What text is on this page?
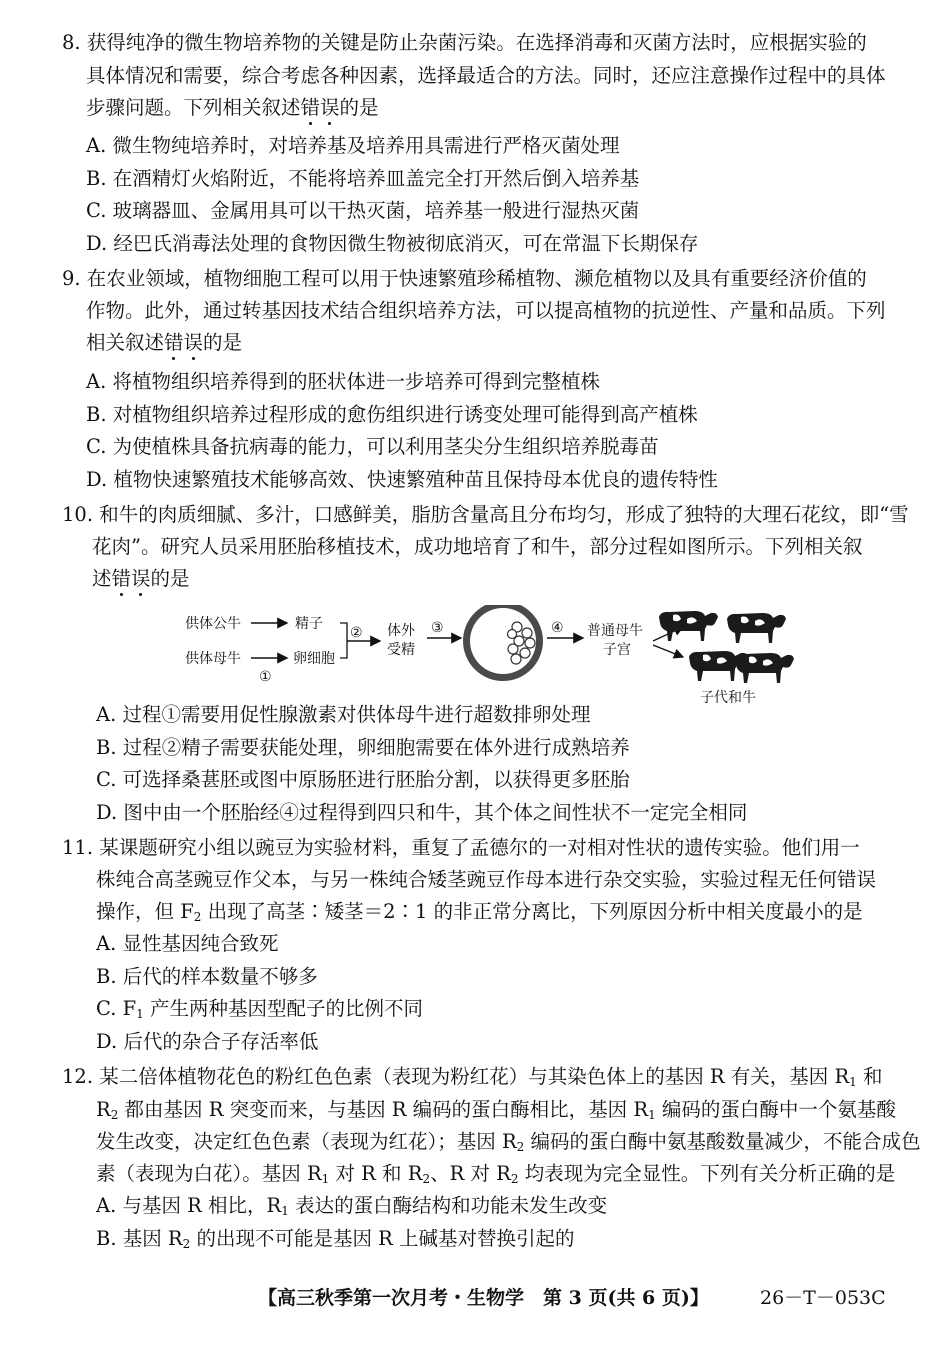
8. 获得纯净的微生物培养物的关键是防止杂菌污染。在选择消毒和灭菌方法时，应根据实验的
具体情况和需要，综合考虑各种因素，选择最适合的方法。同时，还应注意操作过程中的具体
步骤问题。下列相关叙述错误的是
A. 微生物纯培养时，对培养基及培养用具需进行严格灭菌处理
B. 在酒精灯火焰附近，不能将培养皿盖完全打开然后倒入培养基
C. 玻璃器皿、金属用具可以干热灭菌，培养基一般进行湿热灭菌
D. 经巴氏消毒法处理的食物因微生物被彻底消灭，可在常温下长期保存
9. 在农业领域，植物细胞工程可以用于快速繁殖珍稀植物、濒危植物以及具有重要经济价值的
作物。此外，通过转基因技术结合组织培养方法，可以提高植物的抗逆性、产量和品质。下列
相关叙述错误的是
A. 将植物组织培养得到的胚状体进一步培养可得到完整植株
B. 对植物组织培养过程形成的愈伤组织进行诱变处理可能得到高产植株
C. 为使植株具备抗病毒的能力，可以利用茎尖分生组织培养脱毒苗
D. 植物快速繁殖技术能够高效、快速繁殖种苗且保持母本优良的遗传特性
10. 和牛的肉质细腻、多汁，口感鲜美，脂肪含量高且分布均匀，形成了独特的大理石花纹，即“雪
花肉”。研究人员采用胚胎移植技术，成功地培育了和牛，部分过程如图所示。下列相关叙
述错误的是
供体公牛	精子
供体母牛	卵细胞
①
② 体外
受精
③	④ 普通母牛
子宫
子代和牛
A. 过程①需要用促性腺激素对供体母牛进行超数排卵处理
B. 过程②精子需要获能处理，卵细胞需要在体外进行成熟培养
C. 可选择桑葚胚或图中原肠胚进行胚胎分割，以获得更多胚胎
D. 图中由一个胚胎经④过程得到四只和牛，其个体之间性状不一定完全相同
11. 某课题研究小组以豌豆为实验材料，重复了孟德尔的一对相对性状的遗传实验。他们用一
株纯合高茎豌豆作父本，与另一株纯合矮茎豌豆作母本进行杂交实验，实验过程无任何错误
操作，但 $F_2$ 出现了高茎∶矮茎＝2∶1 的非正常分离比，下列原因分析中相关度最小的是
A. 显性基因纯合致死
B. 后代的样本数量不够多
C. $F_1$ 产生两种基因型配子的比例不同
D. 后代的杂合子存活率低
12. 某二倍体植物花色的粉红色色素（表现为粉红花）与其染色体上的基因 R 有关，基因 $R_1$ 和
$R_2$ 都由基因 R 突变而来，与基因 R 编码的蛋白酶相比，基因 $R_1$ 编码的蛋白酶中一个氨基酸
发生改变，决定红色色素（表现为红花）；基因 $R_2$ 编码的蛋白酶中氨基酸数量减少，不能合成色
素（表现为白花）。基因 $R_1$ 对 R 和 $R_2$、R 对 $R_2$ 均表现为完全显性。下列有关分析正确的是
A. 与基因 R 相比，$R_1$ 表达的蛋白酶结构和功能未发生改变
B. 基因 $R_2$ 的出现不可能是基因 R 上碱基对替换引起的
【高三秋季第一次月考・生物学　第 3 页(共 6 页)】	26－T－053C
